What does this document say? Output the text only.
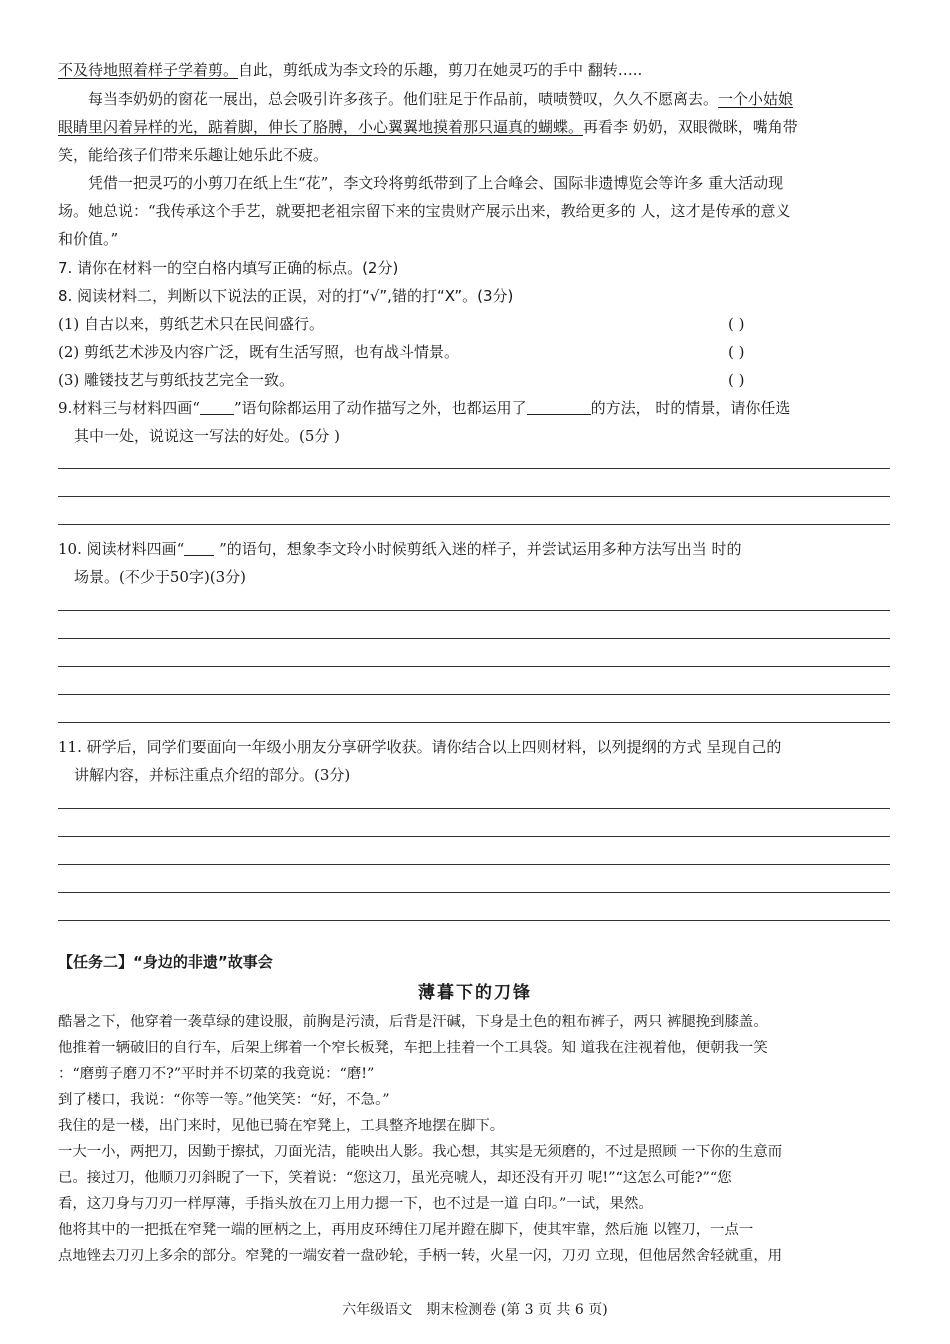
不及待地照着样子学着剪。自此，剪纸成为李文玲的乐趣，剪刀在她灵巧的手中 翻转…..
每当李奶奶的窗花一展出，总会吸引许多孩子。他们驻足于作品前，啧啧赞叹，久久不愿离去。一个小姑娘
眼睛里闪着异样的光，踮着脚，伸长了胳膊，小心翼翼地摸着那只逼真的蝴蝶。再看李 奶奶，双眼微眯，嘴角带
笑，能给孩子们带来乐趣让她乐此不疲。
凭借一把灵巧的小剪刀在纸上生“花”，李文玲将剪纸带到了上合峰会、国际非遗博览会等许多 重大活动现
场。她总说：“我传承这个手艺，就要把老祖宗留下来的宝贵财产展示出来，教给更多的 人，这才是传承的意义
和价值。”
7. 请你在材料一的空白格内填写正确的标点。(2分)
8. 阅读材料二，判断以下说法的正误，对的打“√”,错的打“X”。(3分)
(1) 自古以来，剪纸艺术只在民间盛行。	( )
(2) 剪纸艺术涉及内容广泛，既有生活写照，也有战斗情景。	( )
(3) 雕镂技艺与剪纸技艺完全一致。	( )
9.材料三与材料四画“ ”语句除都运用了动作描写之外，也都运用了	的方法， 时的情景，请你任选
其中一处，说说这一写法的好处。(5分 )
10. 阅读材料四画“ ”的语句，想象李文玲小时候剪纸入迷的样子，并尝试运用多种方法写出当 时的
场景。(不少于50字)(3分)
11. 研学后，同学们要面向一年级小朋友分享研学收获。请你结合以上四则材料，以列提纲的方式 呈现自己的
讲解内容，并标注重点介绍的部分。(3分)
【任务二】“身边的非遗”故事会
薄暮下的刀锋
酷暑之下，他穿着一袭草绿的建设服，前胸是污渍，后背是汗碱，下身是土色的粗布裤子，两只 裤腿挽到膝盖。
他推着一辆破旧的自行车，后架上绑着一个窄长板凳，车把上挂着一个工具袋。知 道我在注视着他，便朝我一笑
：“磨剪子磨刀不?”平时并不切菜的我竟说：“磨!”
到了楼口，我说：“你等一等。”他笑笑：“好，不急。”
我住的是一楼，出门来时，见他已骑在窄凳上，工具整齐地摆在脚下。
一大一小，两把刀，因勤于擦拭，刀面光洁，能映出人影。我心想，其实是无须磨的，不过是照顾 一下你的生意而
已。接过刀，他顺刀刃斜睨了一下，笑着说：“您这刀，虽光亮唬人，却还没有开刃 呢!”“这怎么可能?”“您
看，这刀身与刀刃一样厚薄，手指头放在刀上用力摁一下，也不过是一道 白印。”一试，果然。
他将其中的一把抵在窄凳一端的匣柄之上，再用皮环缚住刀尾并蹬在脚下，使其牢靠，然后施 以铿刀，一点一
点地锉去刀刃上多余的部分。窄凳的一端安着一盘砂轮，手柄一转，火星一闪，刀刃 立现，但他居然舍轻就重，用
六年级语文　期末检测卷 (第 3 页 共 6 页)
